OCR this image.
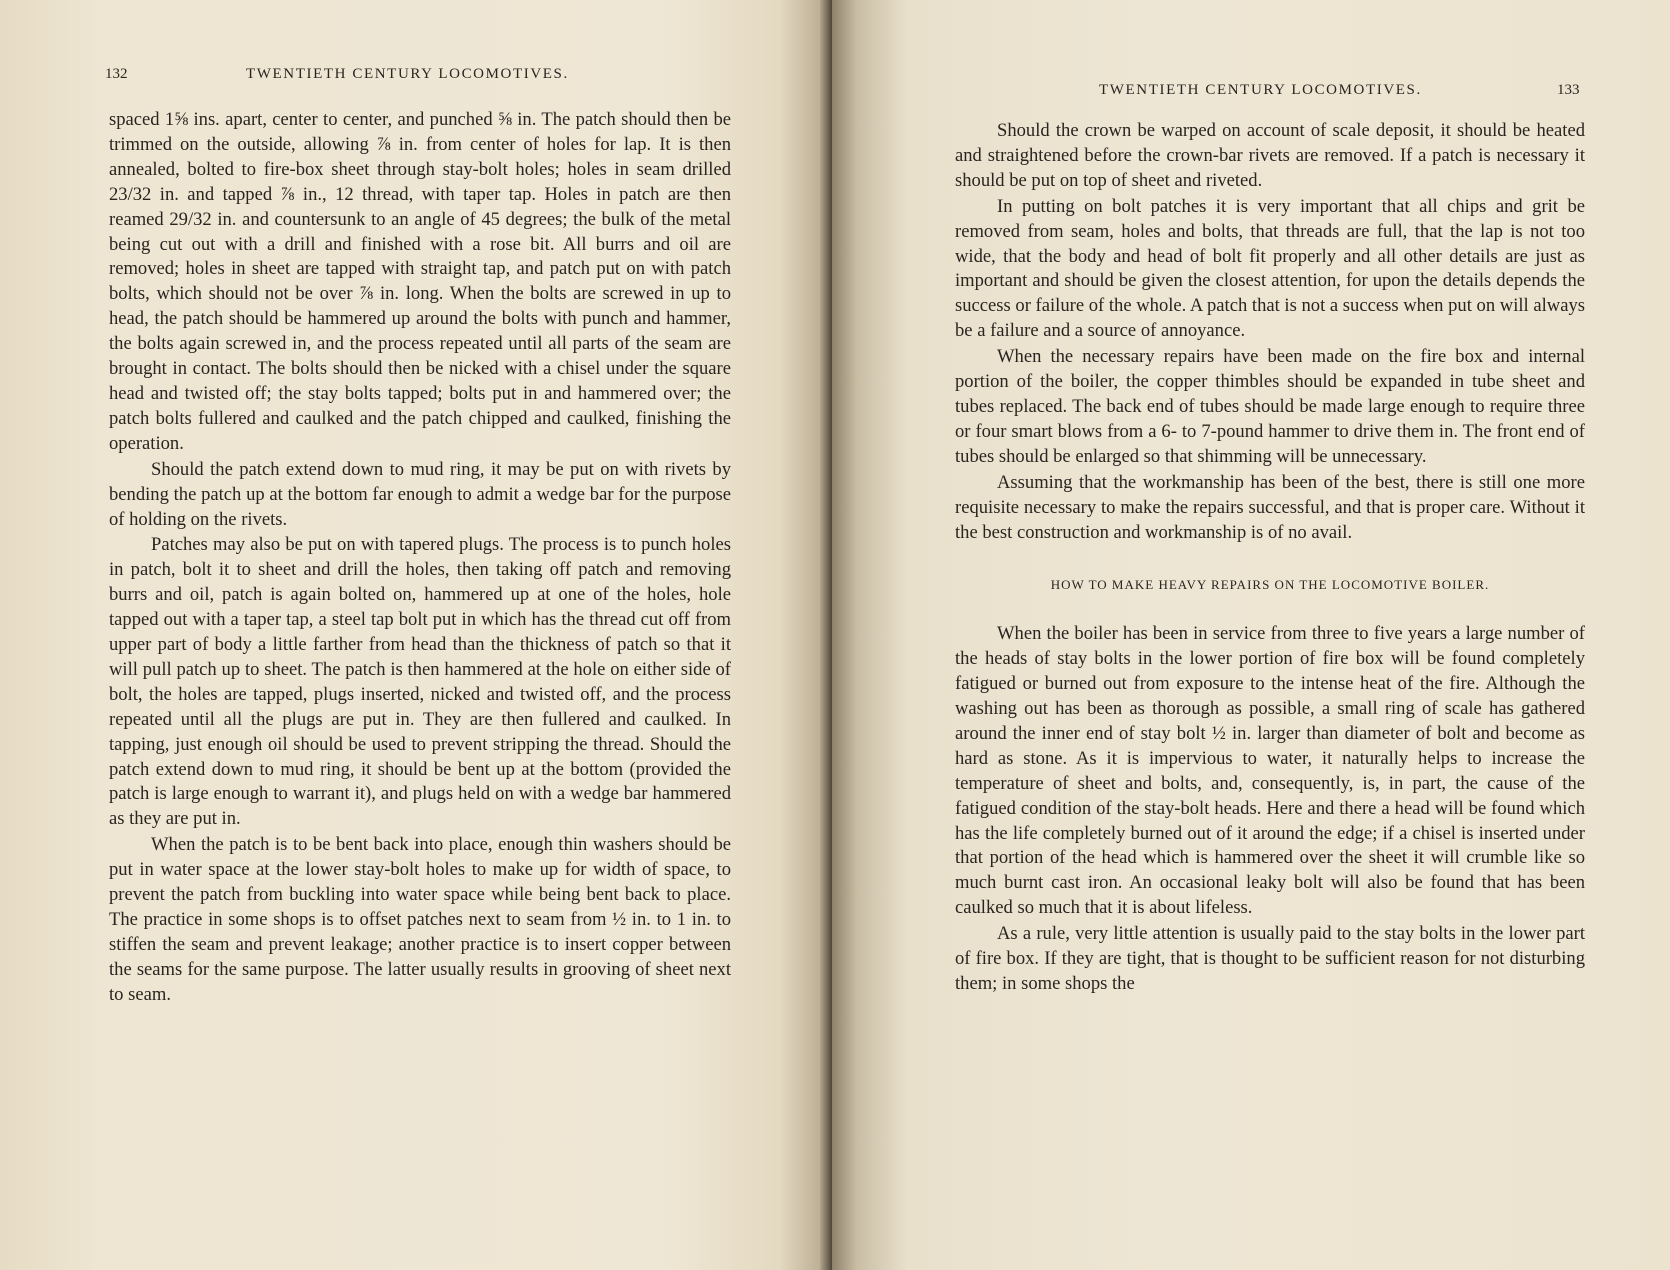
132	TWENTIETH CENTURY LOCOMOTIVES.

spaced 1⅝ ins. apart, center to center, and punched ⅝ in. The patch should then be trimmed on the outside, allowing ⅞ in. from center of holes for lap. It is then annealed, bolted to fire-box sheet through stay-bolt holes; holes in seam drilled 23/32 in. and tapped ⅞ in., 12 thread, with taper tap. Holes in patch are then reamed 29/32 in. and countersunk to an angle of 45 degrees; the bulk of the metal being cut out with a drill and finished with a rose bit. All burrs and oil are removed; holes in sheet are tapped with straight tap, and patch put on with patch bolts, which should not be over ⅞ in. long. When the bolts are screwed in up to head, the patch should be hammered up around the bolts with punch and hammer, the bolts again screwed in, and the process repeated until all parts of the seam are brought in contact. The bolts should then be nicked with a chisel under the square head and twisted off; the stay bolts tapped; bolts put in and hammered over; the patch bolts fullered and caulked and the patch chipped and caulked, finishing the operation.

Should the patch extend down to mud ring, it may be put on with rivets by bending the patch up at the bottom far enough to admit a wedge bar for the purpose of holding on the rivets.

Patches may also be put on with tapered plugs. The process is to punch holes in patch, bolt it to sheet and drill the holes, then taking off patch and removing burrs and oil, patch is again bolted on, hammered up at one of the holes, hole tapped out with a taper tap, a steel tap bolt put in which has the thread cut off from upper part of body a little farther from head than the thickness of patch so that it will pull patch up to sheet. The patch is then hammered at the hole on either side of bolt, the holes are tapped, plugs inserted, nicked and twisted off, and the process repeated until all the plugs are put in. They are then fullered and caulked. In tapping, just enough oil should be used to prevent stripping the thread. Should the patch extend down to mud ring, it should be bent up at the bottom (provided the patch is large enough to warrant it), and plugs held on with a wedge bar hammered as they are put in.

When the patch is to be bent back into place, enough thin washers should be put in water space at the lower stay-bolt holes to make up for width of space, to prevent the patch from buckling into water space while being bent back to place. The practice in some shops is to offset patches next to seam from ½ in. to 1 in. to stiffen the seam and prevent leakage; another practice is to insert copper between the seams for the same purpose. The latter usually results in grooving of sheet next to seam.

TWENTIETH CENTURY LOCOMOTIVES.	133

Should the crown be warped on account of scale deposit, it should be heated and straightened before the crown-bar rivets are removed. If a patch is necessary it should be put on top of sheet and riveted.

In putting on bolt patches it is very important that all chips and grit be removed from seam, holes and bolts, that threads are full, that the lap is not too wide, that the body and head of bolt fit properly and all other details are just as important and should be given the closest attention, for upon the details depends the success or failure of the whole. A patch that is not a success when put on will always be a failure and a source of annoyance.

When the necessary repairs have been made on the fire box and internal portion of the boiler, the copper thimbles should be expanded in tube sheet and tubes replaced. The back end of tubes should be made large enough to require three or four smart blows from a 6- to 7-pound hammer to drive them in. The front end of tubes should be enlarged so that shimming will be unnecessary.

Assuming that the workmanship has been of the best, there is still one more requisite necessary to make the repairs successful, and that is proper care. Without it the best construction and workmanship is of no avail.

HOW TO MAKE HEAVY REPAIRS ON THE LOCOMOTIVE BOILER.

When the boiler has been in service from three to five years a large number of the heads of stay bolts in the lower portion of fire box will be found completely fatigued or burned out from exposure to the intense heat of the fire. Although the washing out has been as thorough as possible, a small ring of scale has gathered around the inner end of stay bolt ½ in. larger than diameter of bolt and become as hard as stone. As it is impervious to water, it naturally helps to increase the temperature of sheet and bolts, and, consequently, is, in part, the cause of the fatigued condition of the stay-bolt heads. Here and there a head will be found which has the life completely burned out of it around the edge; if a chisel is inserted under that portion of the head which is hammered over the sheet it will crumble like so much burnt cast iron. An occasional leaky bolt will also be found that has been caulked so much that it is about lifeless.

As a rule, very little attention is usually paid to the stay bolts in the lower part of fire box. If they are tight, that is thought to be sufficient reason for not disturbing them; in some shops the
